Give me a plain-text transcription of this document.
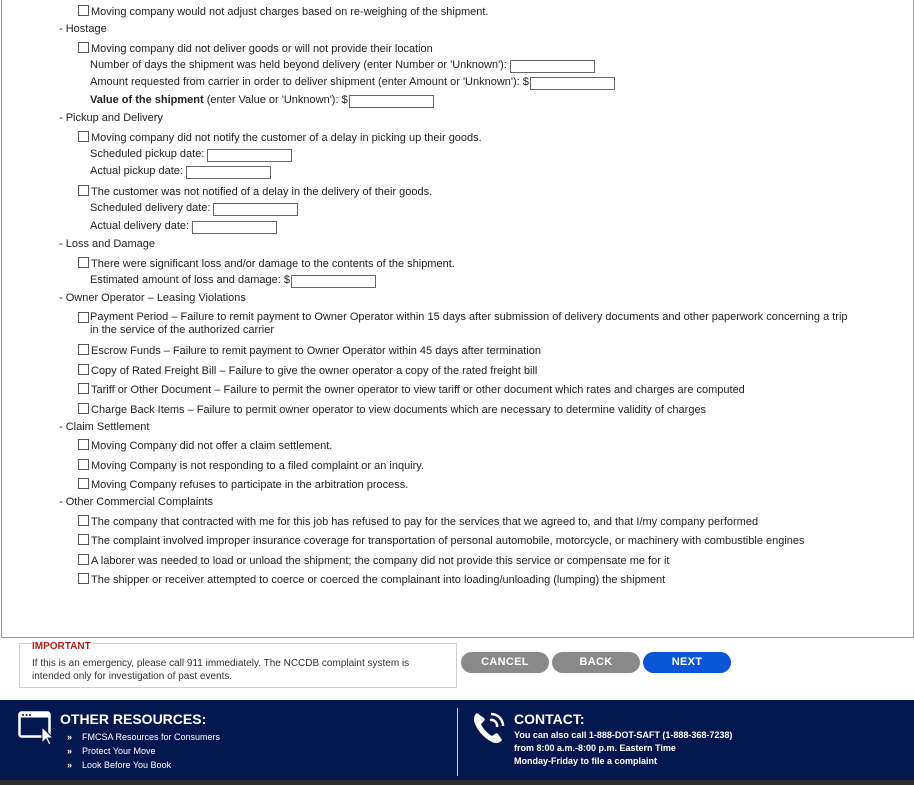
Moving company would not adjust charges based on re-weighing of the shipment.
- Hostage
Moving company did not deliver goods or will not provide their location
Number of days the shipment was held beyond delivery (enter Number or 'Unknown'):
Amount requested from carrier in order to deliver shipment (enter Amount or 'Unknown'): $
Value of the shipment (enter Value or 'Unknown'): $
- Pickup and Delivery
Moving company did not notify the customer of a delay in picking up their goods.
Scheduled pickup date:
Actual pickup date:
The customer was not notified of a delay in the delivery of their goods.
Scheduled delivery date:
Actual delivery date:
- Loss and Damage
There were significant loss and/or damage to the contents of the shipment.
Estimated amount of loss and damage: $
- Owner Operator – Leasing Violations
Payment Period – Failure to remit payment to Owner Operator within 15 days after submission of delivery documents and other paperwork concerning a trip in the service of the authorized carrier
Escrow Funds – Failure to remit payment to Owner Operator within 45 days after termination
Copy of Rated Freight Bill – Failure to give the owner operator a copy of the rated freight bill
Tariff or Other Document – Failure to permit the owner operator to view tariff or other document which rates and charges are computed
Charge Back Items – Failure to permit owner operator to view documents which are necessary to determine validity of charges
- Claim Settlement
Moving Company did not offer a claim settlement.
Moving Company is not responding to a filed complaint or an inquiry.
Moving Company refuses to participate in the arbitration process.
- Other Commercial Complaints
The company that contracted with me for this job has refused to pay for the services that we agreed to, and that I/my company performed
The complaint involved improper insurance coverage for transportation of personal automobile, motorcycle, or machinery with combustible engines
A laborer was needed to load or unload the shipment; the company did not provide this service or compensate me for it
The shipper or receiver attempted to coerce or coerced the complainant into loading/unloading (lumping) the shipment
IMPORTANT
If this is an emergency, please call 911 immediately. The NCCDB complaint system is intended only for investigation of past events.
CANCEL	BACK	NEXT
OTHER RESOURCES:
» FMCSA Resources for Consumers
» Protect Your Move
» Look Before You Book
CONTACT:
You can also call 1-888-DOT-SAFT (1-888-368-7238)
from 8:00 a.m.-8:00 p.m. Eastern Time
Monday-Friday to file a complaint
